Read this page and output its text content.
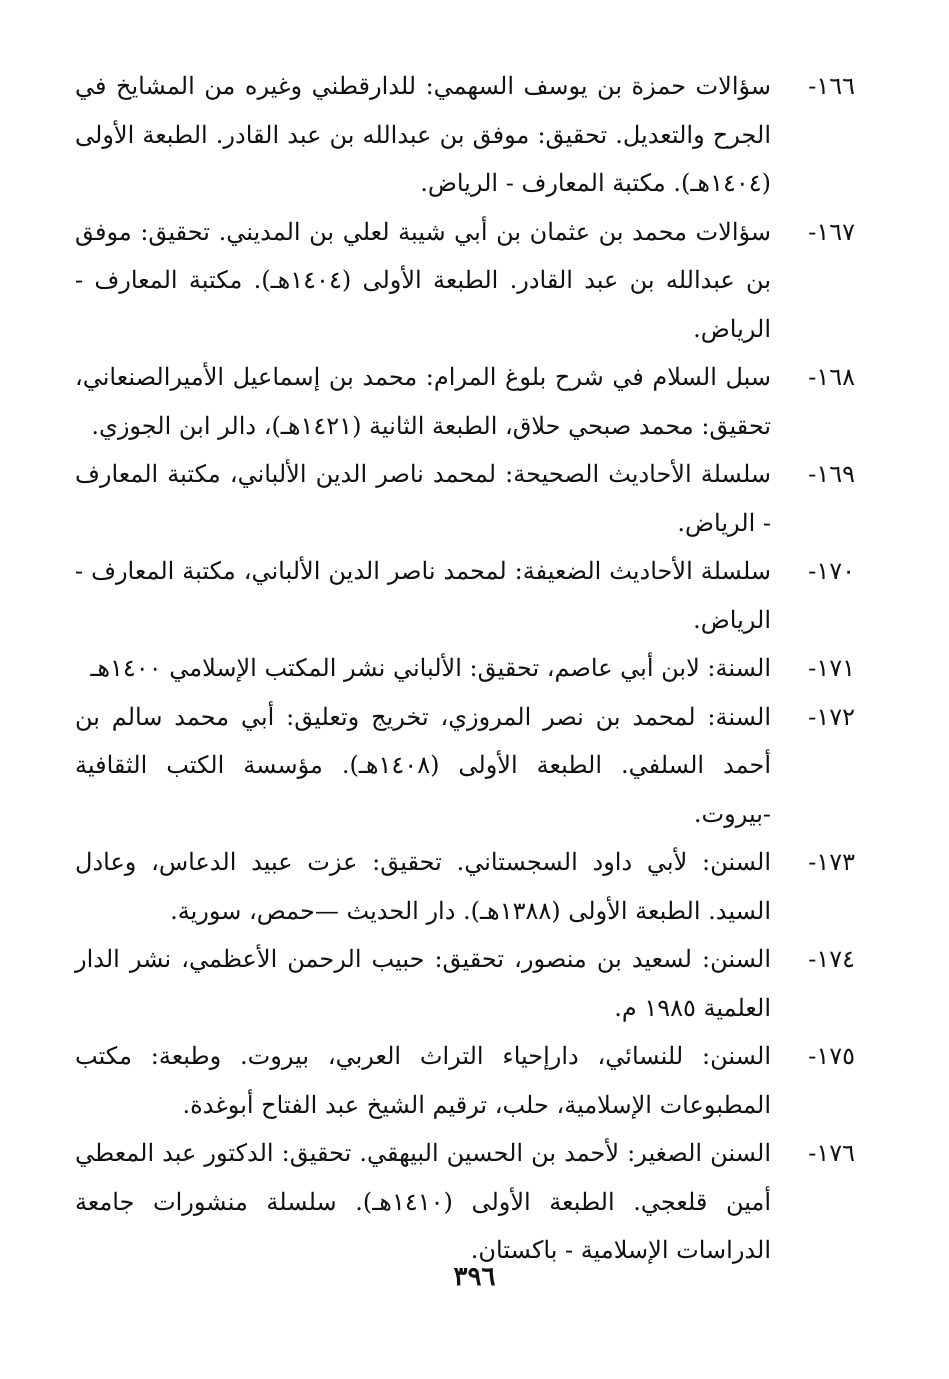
١٦٦-
سؤالات حمزة بن يوسف السهمي: للدارقطني وغيره من المشايخ في الجرح والتعديل. تحقيق: موفق بن عبدالله بن عبد القادر. الطبعة الأولى (١٤٠٤هـ). مكتبة المعارف - الرياض.
١٦٧-
سؤالات محمد بن عثمان بن أبي شيبة لعلي بن المديني. تحقيق: موفق بن عبدالله بن عبد القادر. الطبعة الأولى (١٤٠٤هـ). مكتبة المعارف - الرياض.
١٦٨-
سبل السلام في شرح بلوغ المرام: محمد بن إسماعيل الأميرالصنعاني، تحقيق: محمد صبحي حلاق، الطبعة الثانية (١٤٢١هـ)، دالر ابن الجوزي.
١٦٩-
سلسلة الأحاديث الصحيحة: لمحمد ناصر الدين الألباني، مكتبة المعارف - الرياض.
١٧٠-
سلسلة الأحاديث الضعيفة: لمحمد ناصر الدين الألباني، مكتبة المعارف - الرياض.
١٧١-
السنة: لابن أبي عاصم، تحقيق: الألباني نشر المكتب الإسلامي ١٤٠٠هـ
١٧٢-
السنة: لمحمد بن نصر المروزي، تخريج وتعليق: أبي محمد سالم بن أحمد السلفي. الطبعة الأولى (١٤٠٨هـ). مؤسسة الكتب الثقافية -بيروت.
١٧٣-
السنن: لأبي داود السجستاني. تحقيق: عزت عبيد الدعاس، وعادل السيد. الطبعة الأولى (١٣٨٨هـ). دار الحديث —حمص، سورية.
١٧٤-
السنن: لسعيد بن منصور، تحقيق: حبيب الرحمن الأعظمي، نشر الدار العلمية ١٩٨٥ م.
١٧٥-
السنن: للنسائي، دارإحياء التراث العربي، بيروت. وطبعة: مكتب المطبوعات الإسلامية، حلب، ترقيم الشيخ عبد الفتاح أبوغدة.
١٧٦-
السنن الصغير: لأحمد بن الحسين البيهقي. تحقيق: الدكتور عبد المعطي أمين قلعجي. الطبعة الأولى (١٤١٠هـ). سلسلة منشورات جامعة الدراسات الإسلامية - باكستان.
٣٩٦
